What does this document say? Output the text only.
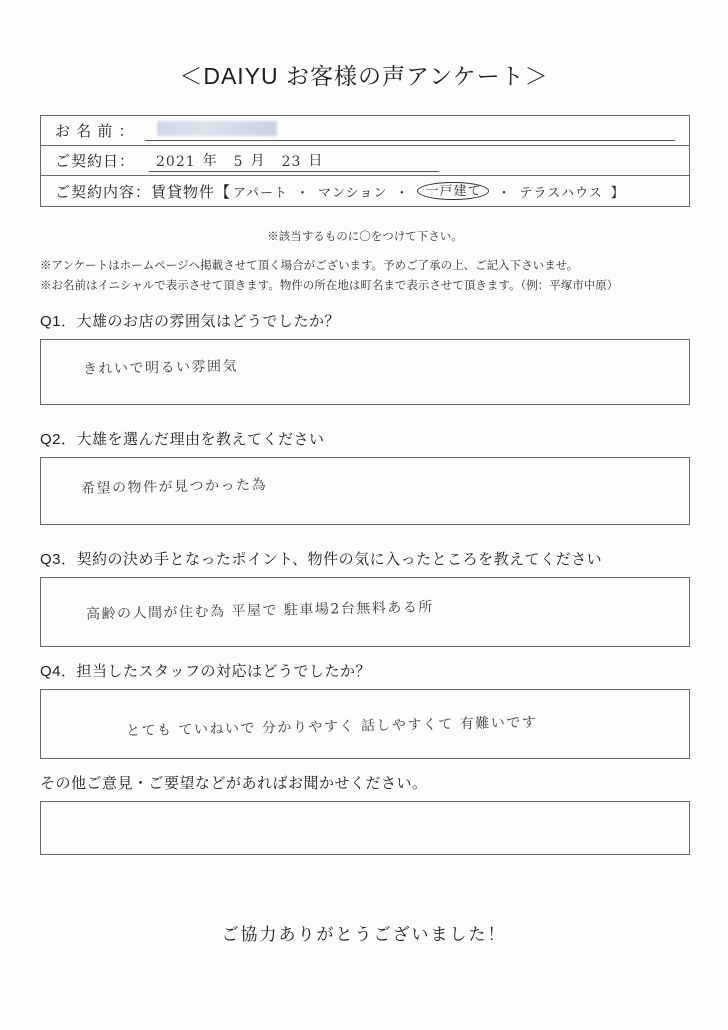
＜DAIYU お客様の声アンケート＞
お 名 前 ：
ご契約日：	2021 年	5 月	23 日
ご契約内容：賃貸物件【 アパート ・ マンション ・	一戸建て	・ テラスハウス 】
※該当するものに〇をつけて下さい。
※アンケートはホームページへ掲載させて頂く場合がございます。予めご了承の上、ご記入下さいませ。
※お名前はイニシャルで表示させて頂きます。物件の所在地は町名まで表示させて頂きます。（例：平塚市中原）
Q1．大雄のお店の雰囲気はどうでしたか？
きれいで明るい雰囲気
Q2．大雄を選んだ理由を教えてください
希望の物件が見つかった為
Q3．契約の決め手となったポイント、物件の気に入ったところを教えてください
高齢の人間が住む為 平屋で 駐車場2台無料ある所
Q4．担当したスタッフの対応はどうでしたか？
とても ていねいで 分かりやすく 話しやすくて 有難いです
その他ご意見・ご要望などがあればお聞かせください。
ご協力ありがとうございました！
